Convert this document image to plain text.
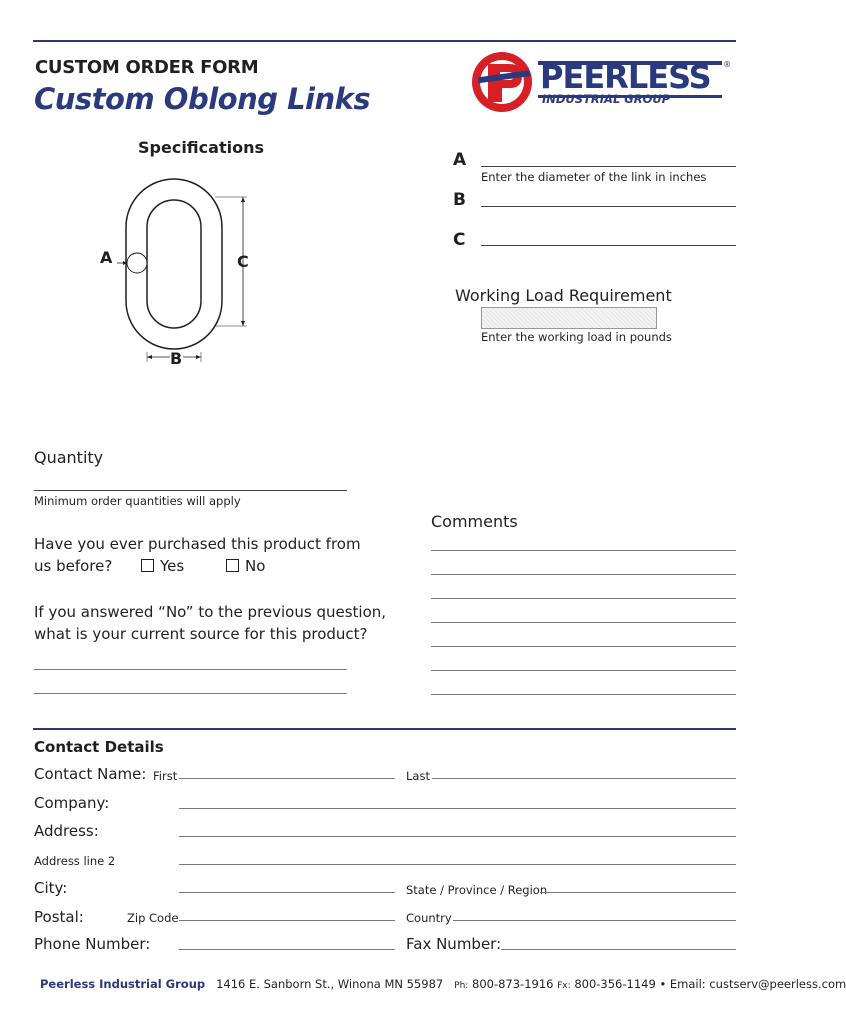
CUSTOM ORDER FORM
Custom Oblong Links
PEERLESS ®
INDUSTRIAL GROUP
Specifications
A	C
B
A
Enter the diameter of the link in inches
B
C
Working Load Requirement
Enter the working load in pounds
Quantity
Minimum order quantities will apply
Have you ever purchased this product from
us before?	Yes	No
If you answered “No” to the previous question,
what is your current source for this product?
Comments
Contact Details
Contact Name: First	Last
Company:
Address:
Address line 2
City:	State / Province / Region
Postal:	Zip Code	Country
Phone Number:	Fax Number:
Peerless Industrial Group 1416 E. Sanborn St., Winona MN 55987 Ph: 800-873-1916 Fx: 800-356-1149 • Email: custserv@peerless.com
